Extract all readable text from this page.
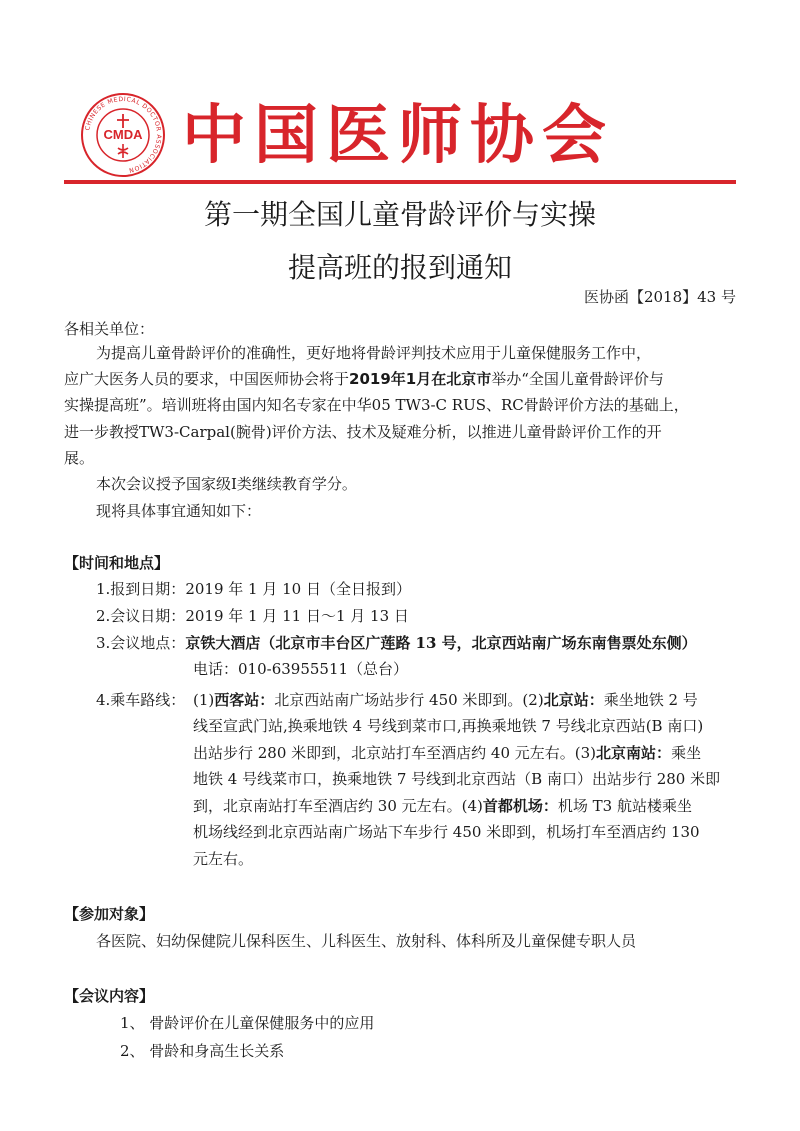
CHINESE MEDICAL DOCTOR ASSOCIATION
CMDA 中国医师协会
第一期全国儿童骨龄评价与实操
提高班的报到通知
医协函【2018】43 号
各相关单位：
为提高儿童骨龄评价的准确性，更好地将骨龄评判技术应用于儿童保健服务工作中，
应广大医务人员的要求，中国医师协会将于2019年1月在北京市举办“全国儿童骨龄评价与
实操提高班”。培训班将由国内知名专家在中华05 TW3-C RUS、RC骨龄评价方法的基础上，
进一步教授TW3-Carpal(腕骨)评价方法、技术及疑难分析，以推进儿童骨龄评价工作的开
展。
本次会议授予国家级I类继续教育学分。
现将具体事宜通知如下：
【时间和地点】
1.报到日期：2019 年 1 月 10 日（全日报到）
2.会议日期：2019 年 1 月 11 日～1 月 13 日
3.会议地点：京铁大酒店（北京市丰台区广莲路 13 号，北京西站南广场东南售票处东侧）
电话：010-63955511（总台）
4.乘车路线： (1)西客站：北京西站南广场站步行 450 米即到。(2)北京站：乘坐地铁 2 号
线至宣武门站,换乘地铁 4 号线到菜市口,再换乘地铁 7 号线北京西站(B 南口)
出站步行 280 米即到，北京站打车至酒店约 40 元左右。(3)北京南站：乘坐
地铁 4 号线菜市口，换乘地铁 7 号线到北京西站（B 南口）出站步行 280 米即
到，北京南站打车至酒店约 30 元左右。(4)首都机场：机场 T3 航站楼乘坐
机场线经到北京西站南广场站下车步行 450 米即到，机场打车至酒店约 130
元左右。
【参加对象】
各医院、妇幼保健院儿保科医生、儿科医生、放射科、体科所及儿童保健专职人员
【会议内容】
1、 骨龄评价在儿童保健服务中的应用
2、 骨龄和身高生长关系
